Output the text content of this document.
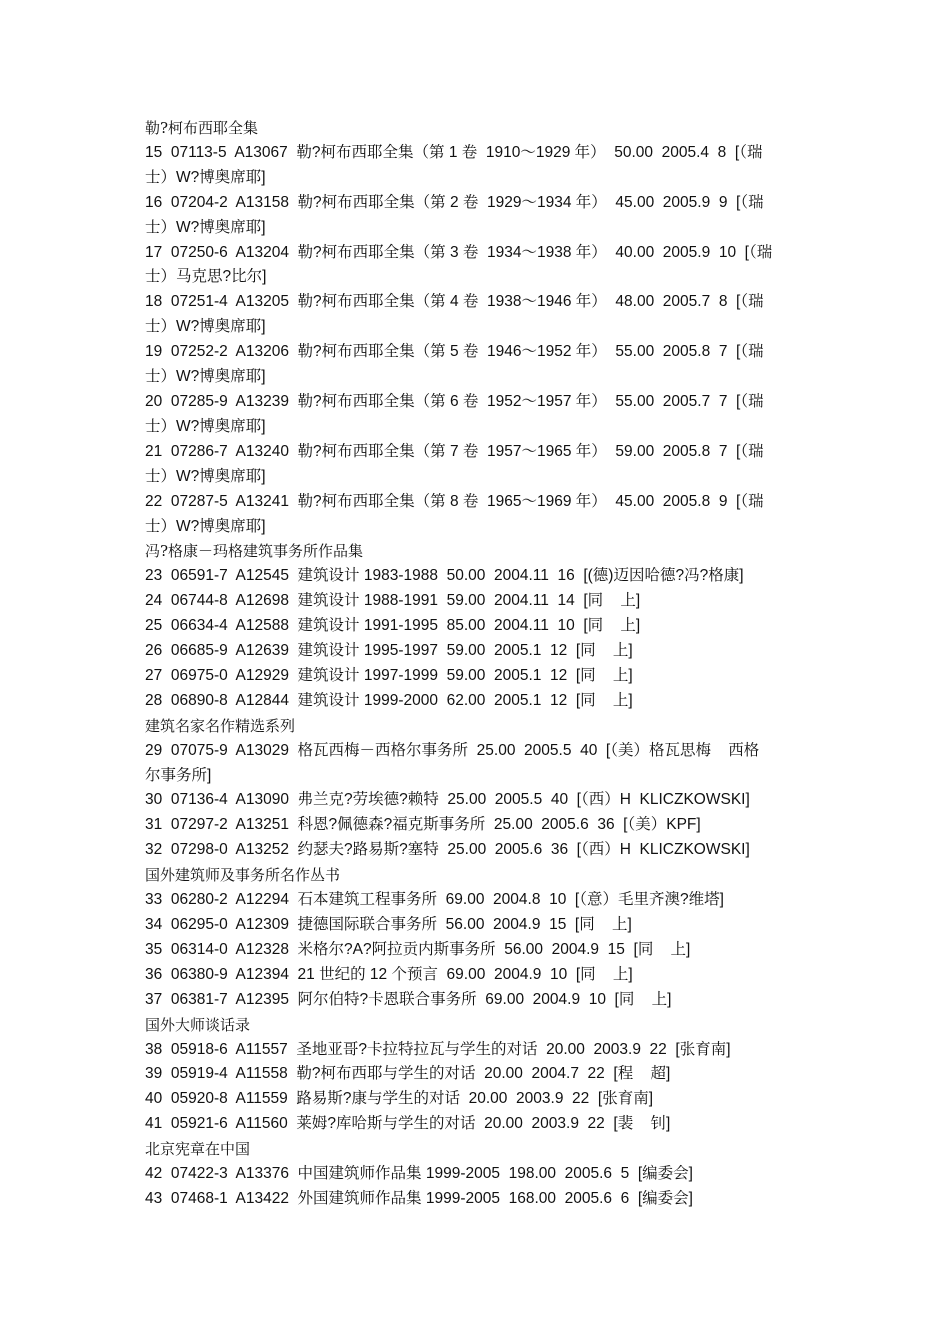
勒?柯布西耶全集
15  07113-5  A13067  勒?柯布西耶全集（第 1 卷  1910～1929 年）  50.00  2005.4  8  [（瑞
士）W?博奥席耶]
16  07204-2  A13158  勒?柯布西耶全集（第 2 卷  1929～1934 年）  45.00  2005.9  9  [（瑞
士）W?博奥席耶]
17  07250-6  A13204  勒?柯布西耶全集（第 3 卷  1934～1938 年）  40.00  2005.9  10  [（瑞
士）马克思?比尔]
18  07251-4  A13205  勒?柯布西耶全集（第 4 卷  1938～1946 年）  48.00  2005.7  8  [（瑞
士）W?博奥席耶]
19  07252-2  A13206  勒?柯布西耶全集（第 5 卷  1946～1952 年）  55.00  2005.8  7  [（瑞
士）W?博奥席耶]
20  07285-9  A13239  勒?柯布西耶全集（第 6 卷  1952～1957 年）  55.00  2005.7  7  [（瑞
士）W?博奥席耶]
21  07286-7  A13240  勒?柯布西耶全集（第 7 卷  1957～1965 年）  59.00  2005.8  7  [（瑞
士）W?博奥席耶]
22  07287-5  A13241  勒?柯布西耶全集（第 8 卷  1965～1969 年）  45.00  2005.8  9  [（瑞
士）W?博奥席耶]
冯?格康－玛格建筑事务所作品集
23  06591-7  A12545  建筑设计 1983-1988  50.00  2004.11  16  [(德)迈因哈德?冯?格康]
24  06744-8  A12698  建筑设计 1988-1991  59.00  2004.11  14  [同    上]
25  06634-4  A12588  建筑设计 1991-1995  85.00  2004.11  10  [同    上]
26  06685-9  A12639  建筑设计 1995-1997  59.00  2005.1  12  [同    上]
27  06975-0  A12929  建筑设计 1997-1999  59.00  2005.1  12  [同    上]
28  06890-8  A12844  建筑设计 1999-2000  62.00  2005.1  12  [同    上]
建筑名家名作精选系列
29  07075-9  A13029  格瓦西梅－西格尔事务所  25.00  2005.5  40  [（美）格瓦思梅    西格
尔事务所]
30  07136-4  A13090  弗兰克?劳埃德?赖特  25.00  2005.5  40  [（西）H  KLICZKOWSKI]
31  07297-2  A13251  科恩?佩德森?福克斯事务所  25.00  2005.6  36  [（美）KPF]
32  07298-0  A13252  约瑟夫?路易斯?塞特  25.00  2005.6  36  [（西）H  KLICZKOWSKI]
国外建筑师及事务所名作丛书
33  06280-2  A12294  石本建筑工程事务所  69.00  2004.8  10  [（意）毛里齐澳?维塔]
34  06295-0  A12309  捷德国际联合事务所  56.00  2004.9  15  [同    上]
35  06314-0  A12328  米格尔?A?阿拉贡内斯事务所  56.00  2004.9  15  [同    上]
36  06380-9  A12394  21 世纪的 12 个预言  69.00  2004.9  10  [同    上]
37  06381-7  A12395  阿尔伯特?卡恩联合事务所  69.00  2004.9  10  [同    上]
国外大师谈话录
38  05918-6  A11557  圣地亚哥?卡拉特拉瓦与学生的对话  20.00  2003.9  22  [张育南]
39  05919-4  A11558  勒?柯布西耶与学生的对话  20.00  2004.7  22  [程    超]
40  05920-8  A11559  路易斯?康与学生的对话  20.00  2003.9  22  [张育南]
41  05921-6  A11560  莱姆?库哈斯与学生的对话  20.00  2003.9  22  [裴    钊]
北京宪章在中国
42  07422-3  A13376  中国建筑师作品集 1999-2005  198.00  2005.6  5  [编委会]
43  07468-1  A13422  外国建筑师作品集 1999-2005  168.00  2005.6  6  [编委会]
